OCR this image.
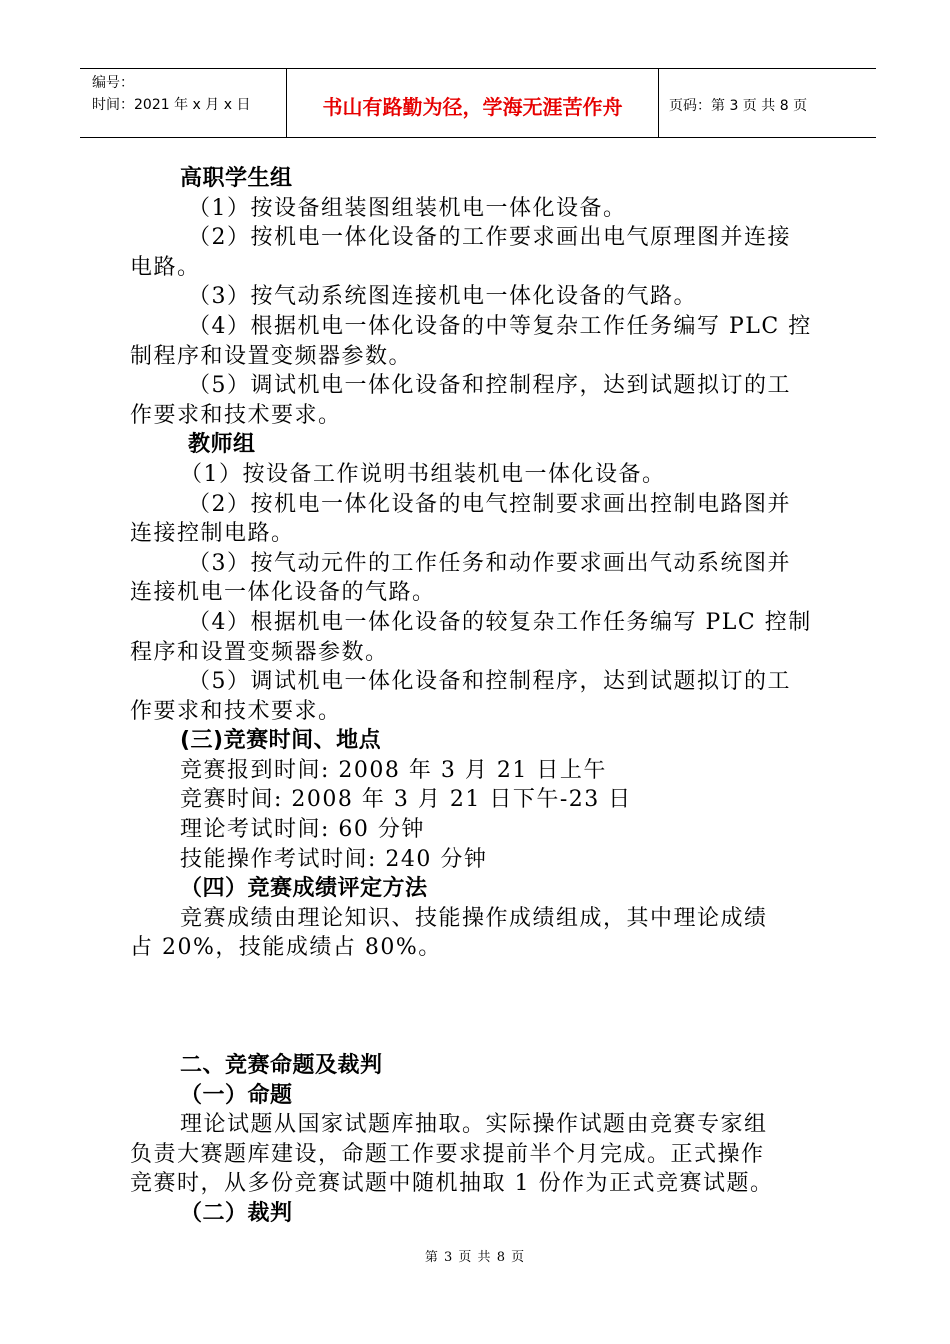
编号：
时间：2021 年 x 月 x 日	书山有路勤为径，学海无涯苦作舟	页码：第 3 页 共 8 页
高职学生组
（1）按设备组装图组装机电一体化设备。
（2）按机电一体化设备的工作要求画出电气原理图并连接
电路。
（3）按气动系统图连接机电一体化设备的气路。
（4）根据机电一体化设备的中等复杂工作任务编写 PLC 控
制程序和设置变频器参数。
（5）调试机电一体化设备和控制程序，达到试题拟订的工
作要求和技术要求。
教师组
（1）按设备工作说明书组装机电一体化设备。
（2）按机电一体化设备的电气控制要求画出控制电路图并
连接控制电路。
（3）按气动元件的工作任务和动作要求画出气动系统图并
连接机电一体化设备的气路。
（4）根据机电一体化设备的较复杂工作任务编写 PLC 控制
程序和设置变频器参数。
（5）调试机电一体化设备和控制程序，达到试题拟订的工
作要求和技术要求。
(三)竞赛时间、地点
竞赛报到时间: 2008 年 3 月 21 日上午
竞赛时间: 2008 年 3 月 21 日下午-23 日
理论考试时间: 60 分钟
技能操作考试时间: 240 分钟
（四）竞赛成绩评定方法
竞赛成绩由理论知识、技能操作成绩组成，其中理论成绩
占 20%，技能成绩占 80%。
二、竞赛命题及裁判
（一）命题
理论试题从国家试题库抽取。实际操作试题由竞赛专家组
负责大赛题库建设，命题工作要求提前半个月完成。正式操作
竞赛时，从多份竞赛试题中随机抽取 1 份作为正式竞赛试题。
（二）裁判
第 3 页 共 8 页
